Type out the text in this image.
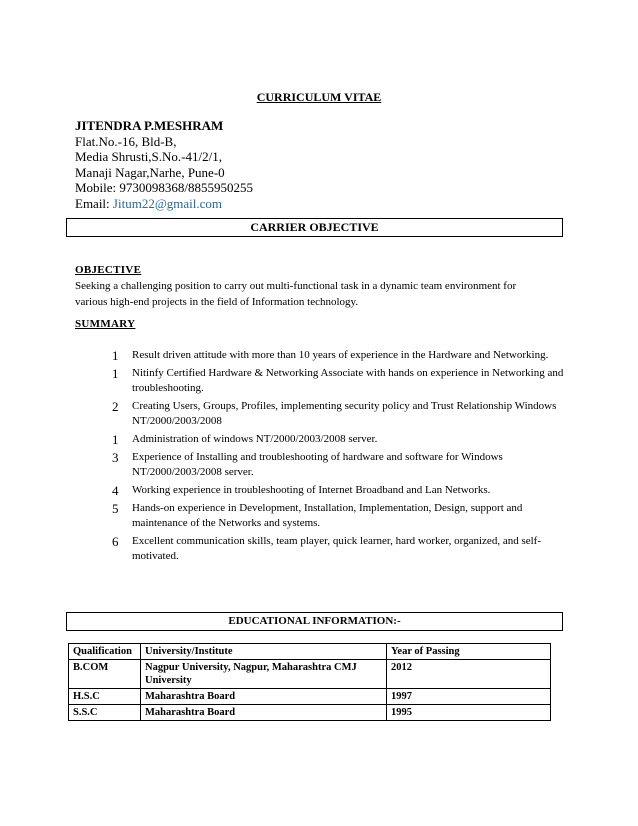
CURRICULUM VITAE
JITENDRA P.MESHRAM
Flat.No.-16, Bld-B,
Media Shrusti,S.No.-41/2/1,
Manaji Nagar,Narhe, Pune-0
Mobile: 9730098368/8855950255
Email: Jitum22@gmail.com
CARRIER OBJECTIVE
OBJECTIVE
Seeking a challenging position to carry out multi-functional task in a dynamic team environment for
various high-end projects in the field of Information technology.
SUMMARY
1	Result driven attitude with more than 10 years of experience in the Hardware and Networking.
1	Nitinfy Certified Hardware & Networking Associate with hands on experience in Networking and troubleshooting.
2	Creating Users, Groups, Profiles, implementing security policy and Trust Relationship Windows NT/2000/2003/2008
1	Administration of windows NT/2000/2003/2008 server.
3	Experience of Installing and troubleshooting of hardware and software for Windows NT/2000/2003/2008 server.
4	Working experience in troubleshooting of Internet Broadband and Lan Networks.
5	Hands-on experience in Development, Installation, Implementation, Design, support and maintenance of the Networks and systems.
6	Excellent communication skills, team player, quick learner, hard worker, organized, and self-motivated.
EDUCATIONAL INFORMATION:-
Qualification	University/Institute	Year of Passing
B.COM	Nagpur University, Nagpur, Maharashtra CMJ University	2012
H.S.C	Maharashtra Board	1997
S.S.C	Maharashtra Board	1995
